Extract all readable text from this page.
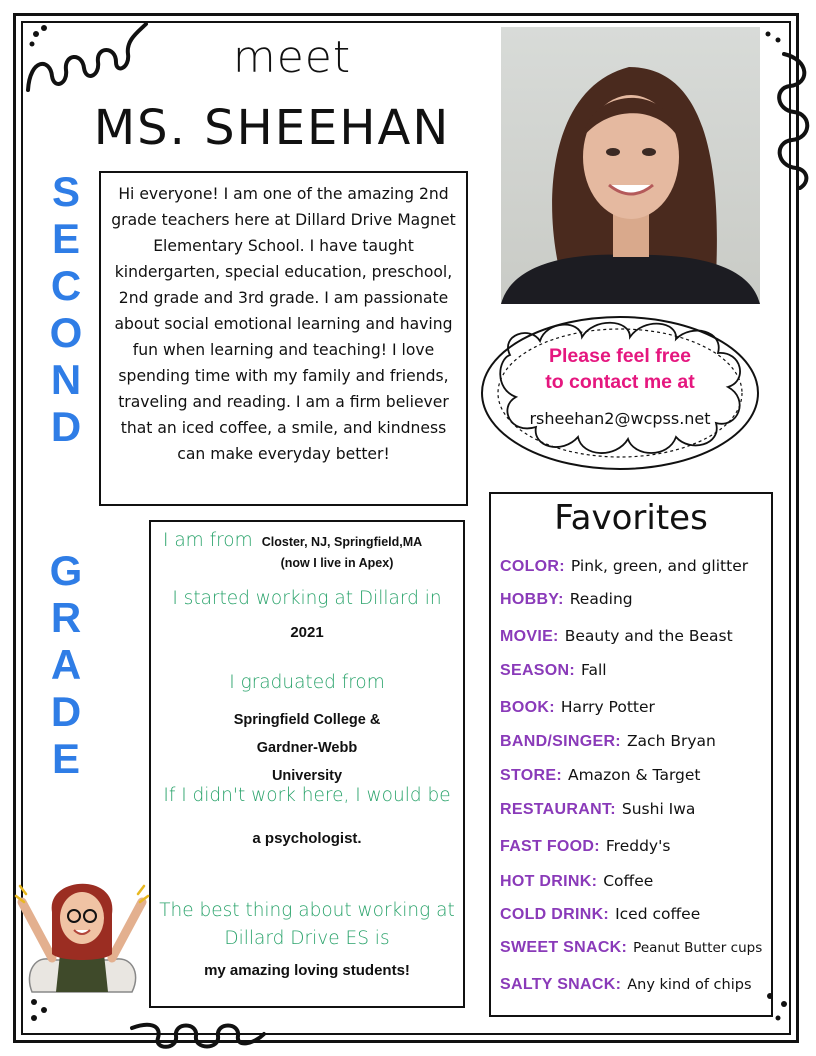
meet
MS. SHEEHAN
S
E
C
O
N
D
G
R
A
D
E
Hi everyone! I am one of the amazing 2nd grade teachers here at Dillard Drive Magnet Elementary School. I have taught kindergarten, special education, preschool, 2nd grade and 3rd grade. I am passionate about social emotional learning and having fun when learning and teaching! I love spending time with my family and friends, traveling and reading. I am a firm believer that an iced coffee, a smile, and kindness can make everyday better!
Please feel free
to contact me at
rsheehan2@wcpss.net
I am from Closter, NJ, Springfield,MA
(now I live in Apex)
I started working at Dillard in
2021
I graduated from
Springfield College &
Gardner-Webb
University
If I didn't work here, I would be
a psychologist.
The best thing about working at
Dillard Drive ES is
my amazing loving students!
Favorites
COLOR: Pink, green, and glitter
HOBBY: Reading
MOVIE: Beauty and the Beast
SEASON: Fall
BOOK: Harry Potter
BAND/SINGER: Zach Bryan
STORE: Amazon & Target
RESTAURANT: Sushi Iwa
FAST FOOD: Freddy's
HOT DRINK: Coffee
COLD DRINK: Iced coffee
SWEET SNACK: Peanut Butter cups
SALTY SNACK: Any kind of chips
